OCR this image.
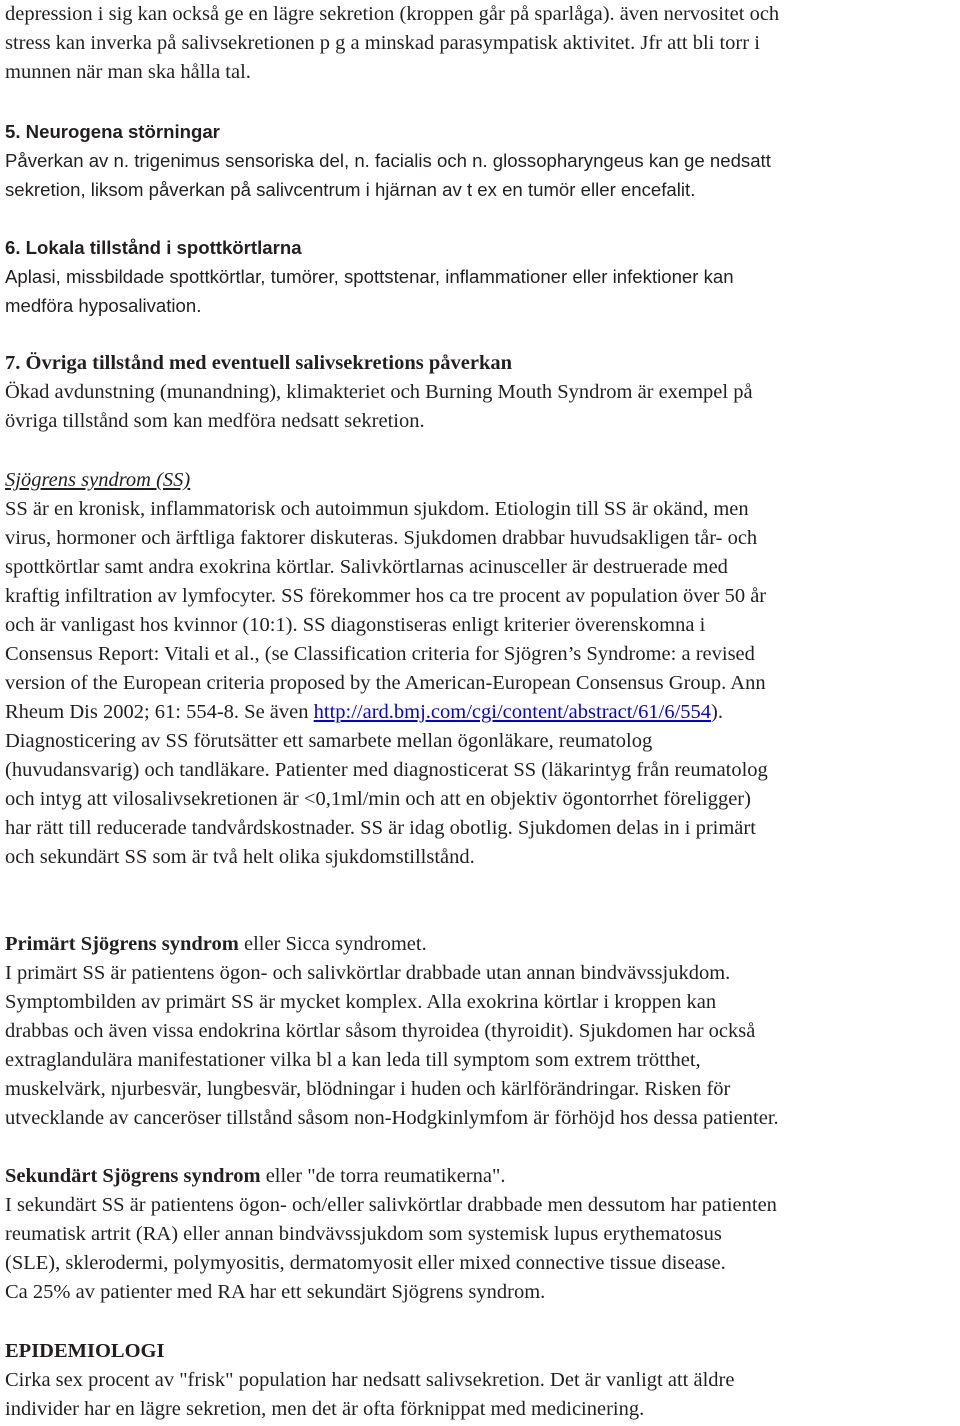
depression i sig kan också ge en lägre sekretion (kroppen går på sparlåga). även nervositet och
stress kan inverka på salivsekretionen p g a minskad parasympatisk aktivitet. Jfr att bli torr i
munnen när man ska hålla tal.
5. Neurogena störningar
Påverkan av n. trigenimus sensoriska del, n. facialis och n. glossopharyngeus kan ge nedsatt
sekretion, liksom påverkan på salivcentrum i hjärnan av t ex en tumör eller encefalit.
6. Lokala tillstånd i spottkörtlarna
Aplasi, missbildade spottkörtlar, tumörer, spottstenar, inflammationer eller infektioner kan
medföra hyposalivation.
7. Övriga tillstånd med eventuell salivsekretions påverkan
Ökad avdunstning (munandning), klimakteriet och Burning Mouth Syndrom är exempel på
övriga tillstånd som kan medföra nedsatt sekretion.
Sjögrens syndrom (SS)
SS är en kronisk, inflammatorisk och autoimmun sjukdom. Etiologin till SS är okänd, men
virus, hormoner och ärftliga faktorer diskuteras. Sjukdomen drabbar huvudsakligen tår- och
spottkörtlar samt andra exokrina körtlar. Salivkörtlarnas acinusceller är destruerade med
kraftig infiltration av lymfocyter. SS förekommer hos ca tre procent av population över 50 år
och är vanligast hos kvinnor (10:1). SS diagonstiseras enligt kriterier överenskomna i
Consensus Report: Vitali et al., (se Classification criteria for Sjögren’s Syndrome: a revised
version of the European criteria proposed by the American-European Consensus Group. Ann
Rheum Dis 2002; 61: 554-8. Se även http://ard.bmj.com/cgi/content/abstract/61/6/554).
Diagnosticering av SS förutsätter ett samarbete mellan ögonläkare, reumatolog
(huvudansvarig) och tandläkare. Patienter med diagnosticerat SS (läkarintyg från reumatolog
och intyg att vilosalivsekretionen är <0,1ml/min och att en objektiv ögontorrhet föreligger)
har rätt till reducerade tandvårdskostnader. SS är idag obotlig. Sjukdomen delas in i primärt
och sekundärt SS som är två helt olika sjukdomstillstånd.
Primärt Sjögrens syndrom eller Sicca syndromet.
I primärt SS är patientens ögon- och salivkörtlar drabbade utan annan bindvävssjukdom.
Symptombilden av primärt SS är mycket komplex. Alla exokrina körtlar i kroppen kan
drabbas och även vissa endokrina körtlar såsom thyroidea (thyroidit). Sjukdomen har också
extraglandulära manifestationer vilka bl a kan leda till symptom som extrem trötthet,
muskelvärk, njurbesvär, lungbesvär, blödningar i huden och kärlförändringar. Risken för
utvecklande av canceröser tillstånd såsom non-Hodgkinlymfom är förhöjd hos dessa patienter.
Sekundärt Sjögrens syndrom eller "de torra reumatikerna".
I sekundärt SS är patientens ögon- och/eller salivkörtlar drabbade men dessutom har patienten
reumatisk artrit (RA) eller annan bindvävssjukdom som systemisk lupus erythematosus
(SLE), sklerodermi, polymyositis, dermatomyosit eller mixed connective tissue disease.
Ca 25% av patienter med RA har ett sekundärt Sjögrens syndrom.
EPIDEMIOLOGI
Cirka sex procent av "frisk" population har nedsatt salivsekretion. Det är vanligt att äldre
individer har en lägre sekretion, men det är ofta förknippat med medicinering.
